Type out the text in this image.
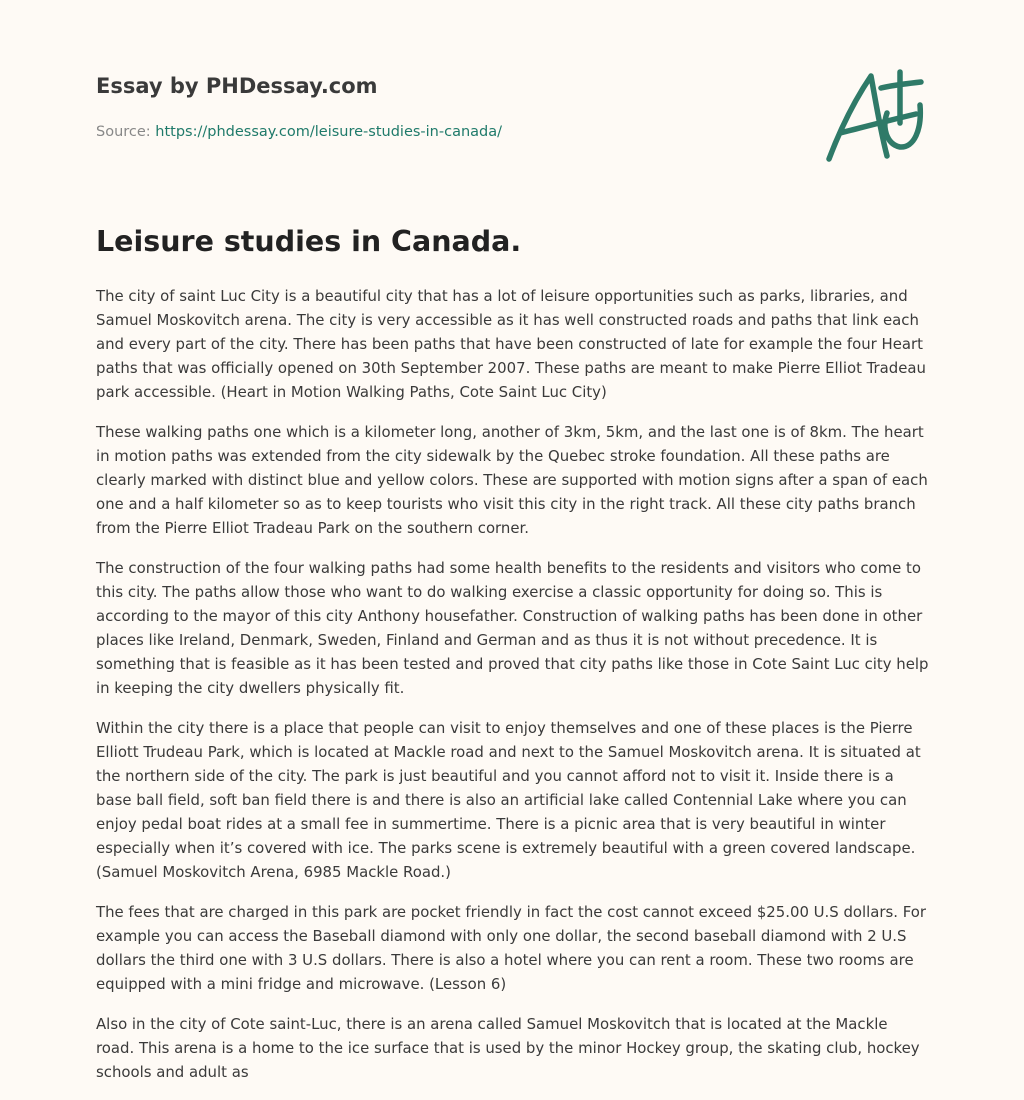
Essay by PHDessay.com
Source: https://phdessay.com/leisure-studies-in-canada/
Leisure studies in Canada.

The city of saint Luc City is a beautiful city that has a lot of leisure opportunities such as parks, libraries, and Samuel Moskovitch arena. The city is very accessible as it has well constructed roads and paths that link each and every part of the city. There has been paths that have been constructed of late for example the four Heart paths that was officially opened on 30th September 2007. These paths are meant to make Pierre Elliot Tradeau park accessible. (Heart in Motion Walking Paths, Cote Saint Luc City)

These walking paths one which is a kilometer long, another of 3km, 5km, and the last one is of 8km. The heart in motion paths was extended from the city sidewalk by the Quebec stroke foundation. All these paths are clearly marked with distinct blue and yellow colors. These are supported with motion signs after a span of each one and a half kilometer so as to keep tourists who visit this city in the right track. All these city paths branch from the Pierre Elliot Tradeau Park on the southern corner.

The construction of the four walking paths had some health benefits to the residents and visitors who come to this city. The paths allow those who want to do walking exercise a classic opportunity for doing so. This is according to the mayor of this city Anthony housefather. Construction of walking paths has been done in other places like Ireland, Denmark, Sweden, Finland and German and as thus it is not without precedence. It is something that is feasible as it has been tested and proved that city paths like those in Cote Saint Luc city help in keeping the city dwellers physically fit.

Within the city there is a place that people can visit to enjoy themselves and one of these places is the Pierre Elliott Trudeau Park, which is located at Mackle road and next to the Samuel Moskovitch arena. It is situated at the northern side of the city. The park is just beautiful and you cannot afford not to visit it. Inside there is a base ball field, soft ban field there is and there is also an artificial lake called Contennial Lake where you can enjoy pedal boat rides at a small fee in summertime. There is a picnic area that is very beautiful in winter especially when it’s covered with ice. The parks scene is extremely beautiful with a green covered landscape. (Samuel Moskovitch Arena, 6985 Mackle Road.)

The fees that are charged in this park are pocket friendly in fact the cost cannot exceed $25.00 U.S dollars. For example you can access the Baseball diamond with only one dollar, the second baseball diamond with 2 U.S dollars the third one with 3 U.S dollars. There is also a hotel where you can rent a room. These two rooms are equipped with a mini fridge and microwave. (Lesson 6)

Also in the city of Cote saint-Luc, there is an arena called Samuel Moskovitch that is located at the Mackle road. This arena is a home to the ice surface that is used by the minor Hockey group, the skating club, hockey schools and adult as
